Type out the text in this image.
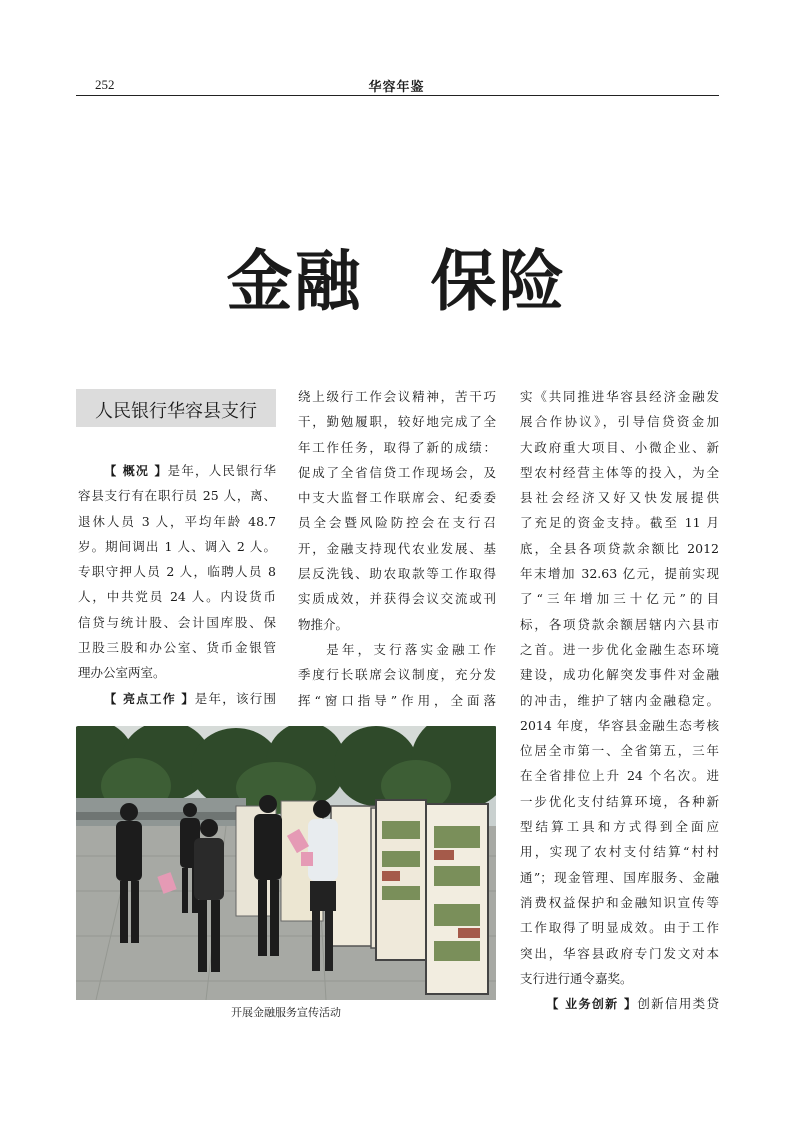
252	华容年鉴
金融　保险
人民银行华容县支行
【 概况 】是年，人民银行华
容县支行有在职行员 25 人，离、
退休人员 3 人，平均年龄 48.7
岁。期间调出 1 人、调入 2 人。
专职守押人员 2 人，临聘人员 8
人，中共党员 24 人。内设货币
信贷与统计股、会计国库股、保
卫股三股和办公室、货币金银管
理办公室两室。
【 亮点工作 】是年，该行围
绕上级行工作会议精神，苦干巧
干，勤勉履职，较好地完成了全
年工作任务，取得了新的成绩：
促成了全省信贷工作现场会，及
中支大监督工作联席会、纪委委
员全会暨风险防控会在支行召
开，金融支持现代农业发展、基
层反洗钱、助农取款等工作取得
实质成效，并获得会议交流或刊
物推介。
是年，支行落实金融工作
季度行长联席会议制度，充分发
挥“窗口指导”作用，全面落
实《共同推进华容县经济金融发
展合作协议》，引导信贷资金加
大政府重大项目、小微企业、新
型农村经营主体等的投入，为全
县社会经济又好又快发展提供
了充足的资金支持。截至 11 月
底，全县各项贷款余额比 2012
年末增加 32.63 亿元，提前实现
了“三年增加三十亿元”的目
标，各项贷款余额居辖内六县市
之首。进一步优化金融生态环境
建设，成功化解突发事件对金融
的冲击，维护了辖内金融稳定。
2014 年度，华容县金融生态考核
位居全市第一、全省第五，三年
在全省排位上升 24 个名次。进
一步优化支付结算环境，各种新
型结算工具和方式得到全面应
用，实现了农村支付结算“村村
通”；现金管理、国库服务、金融
消费权益保护和金融知识宣传等
工作取得了明显成效。由于工作
突出，华容县政府专门发文对本
支行进行通令嘉奖。
【 业务创新 】创新信用类贷
开展金融服务宣传活动
